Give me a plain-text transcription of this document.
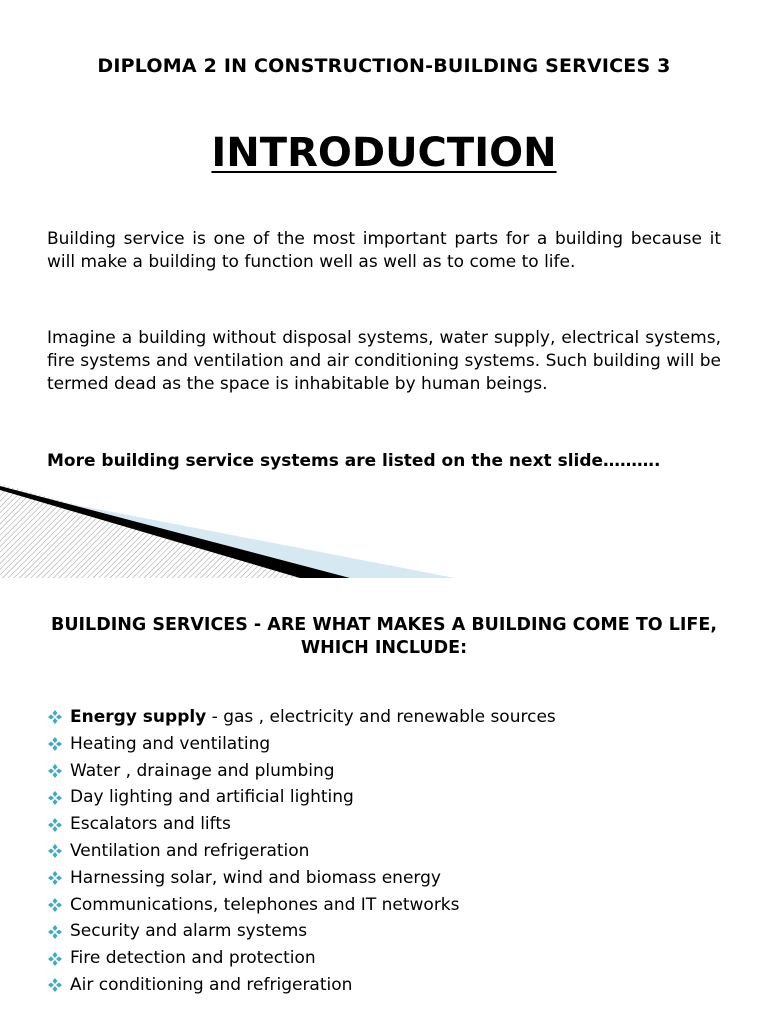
DIPLOMA 2 IN CONSTRUCTION-BUILDING SERVICES 3
INTRODUCTION

Building service is one of the most important parts for a building because it will make a building to function well as well as to come to life.

Imagine a building without disposal systems, water supply, electrical systems, fire systems and ventilation and air conditioning systems. Such building will be termed dead as the space is inhabitable by human beings.

More building service systems are listed on the next slide……….

BUILDING SERVICES - ARE WHAT MAKES A BUILDING COME TO LIFE, WHICH INCLUDE:
Energy supply - gas , electricity and renewable sources
Heating and ventilating
Water , drainage and plumbing
Day lighting and artificial lighting
Escalators and lifts
Ventilation and refrigeration
Harnessing solar, wind and biomass energy
Communications, telephones and IT networks
Security and alarm systems
Fire detection and protection
Air conditioning and refrigeration
